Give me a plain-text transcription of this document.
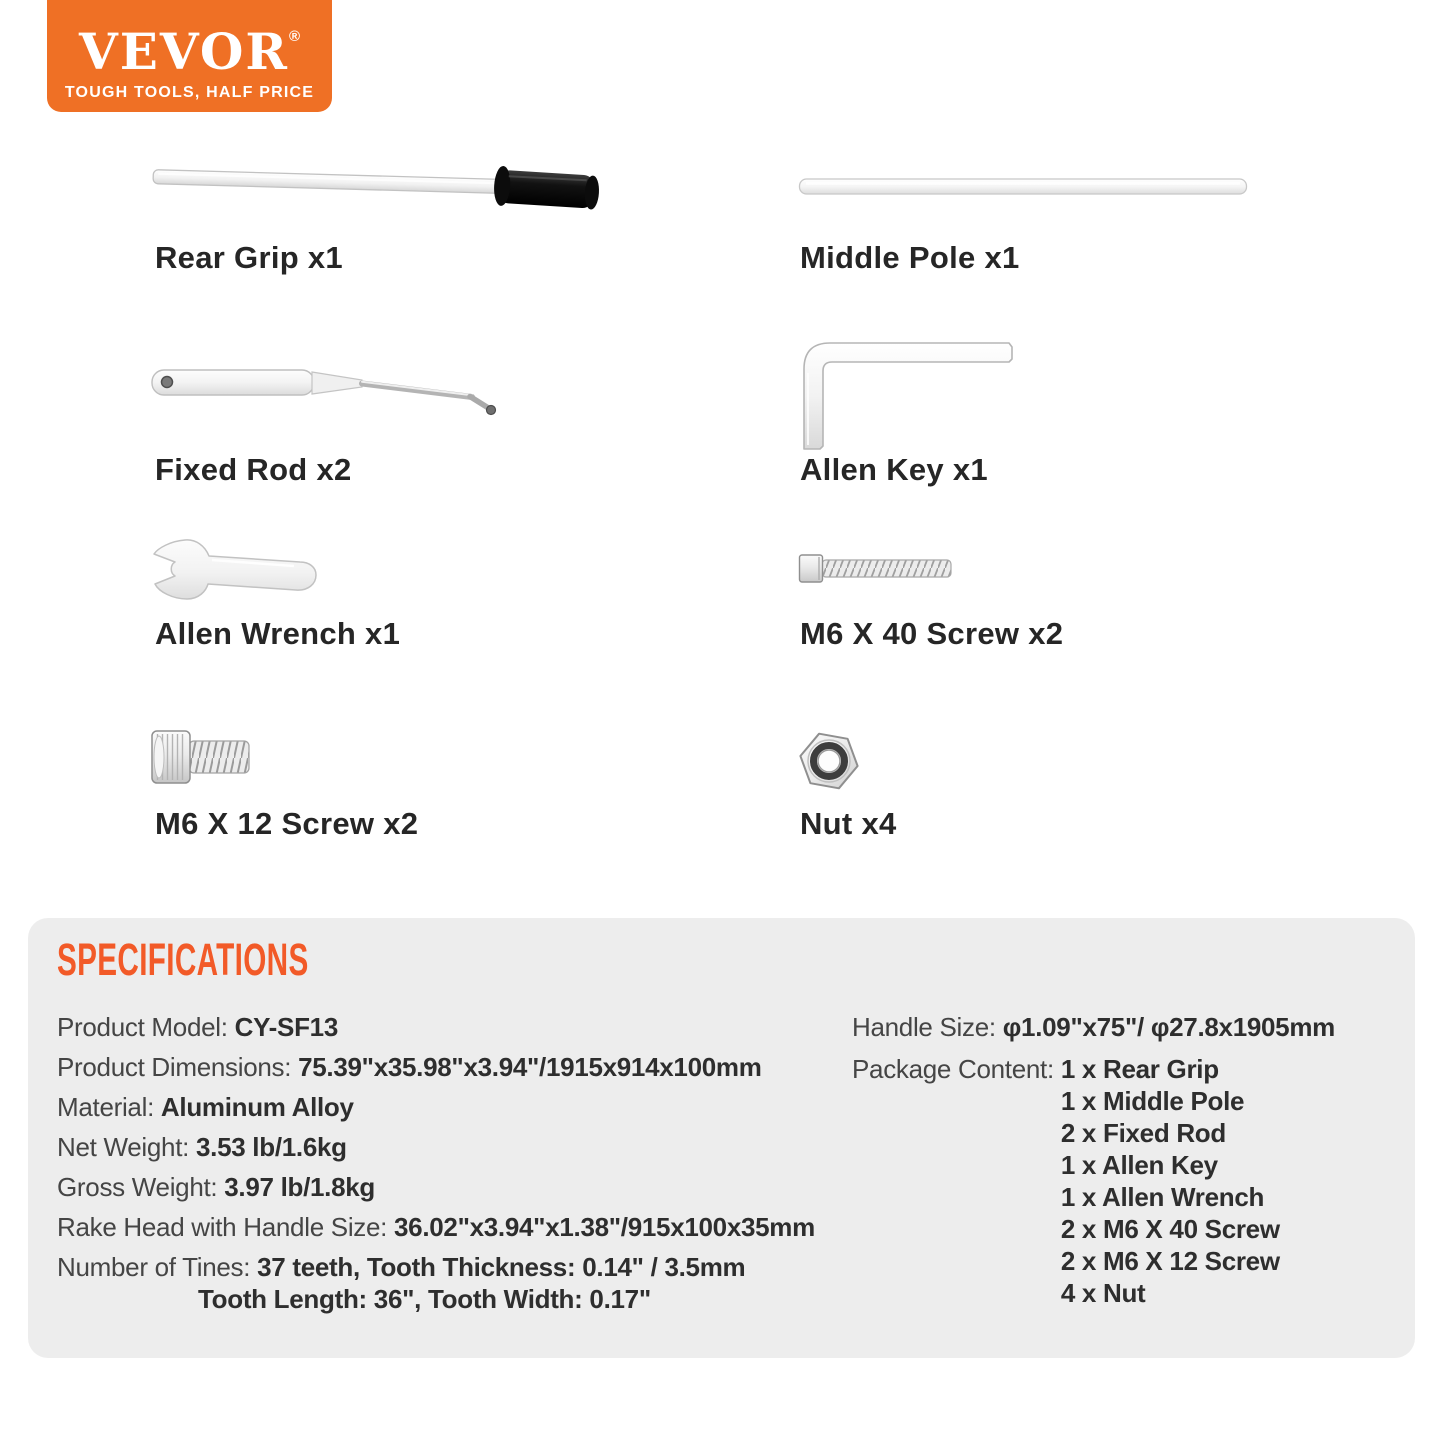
VEVOR®
TOUGH TOOLS, HALF PRICE
Rear Grip x1	Middle Pole x1
Fixed Rod x2	Allen Key x1
Allen Wrench x1	M6 X 40 Screw x2
M6 X 12 Screw x2	Nut x4
SPECIFICATIONS
Product Model: CY-SF13
Product Dimensions: 75.39"x35.98"x3.94"/1915x914x100mm
Material: Aluminum Alloy
Net Weight: 3.53 lb/1.6kg
Gross Weight: 3.97 lb/1.8kg
Rake Head with Handle Size: 36.02"x3.94"x1.38"/915x100x35mm
Number of Tines: 37 teeth, Tooth Thickness: 0.14" / 3.5mm
Tooth Length: 36", Tooth Width: 0.17"
Handle Size: φ1.09"x75"/ φ27.8x1905mm
Package Content: 1 x Rear Grip
1 x Middle Pole
2 x Fixed Rod
1 x Allen Key
1 x Allen Wrench
2 x M6 X 40 Screw
2 x M6 X 12 Screw
4 x Nut
